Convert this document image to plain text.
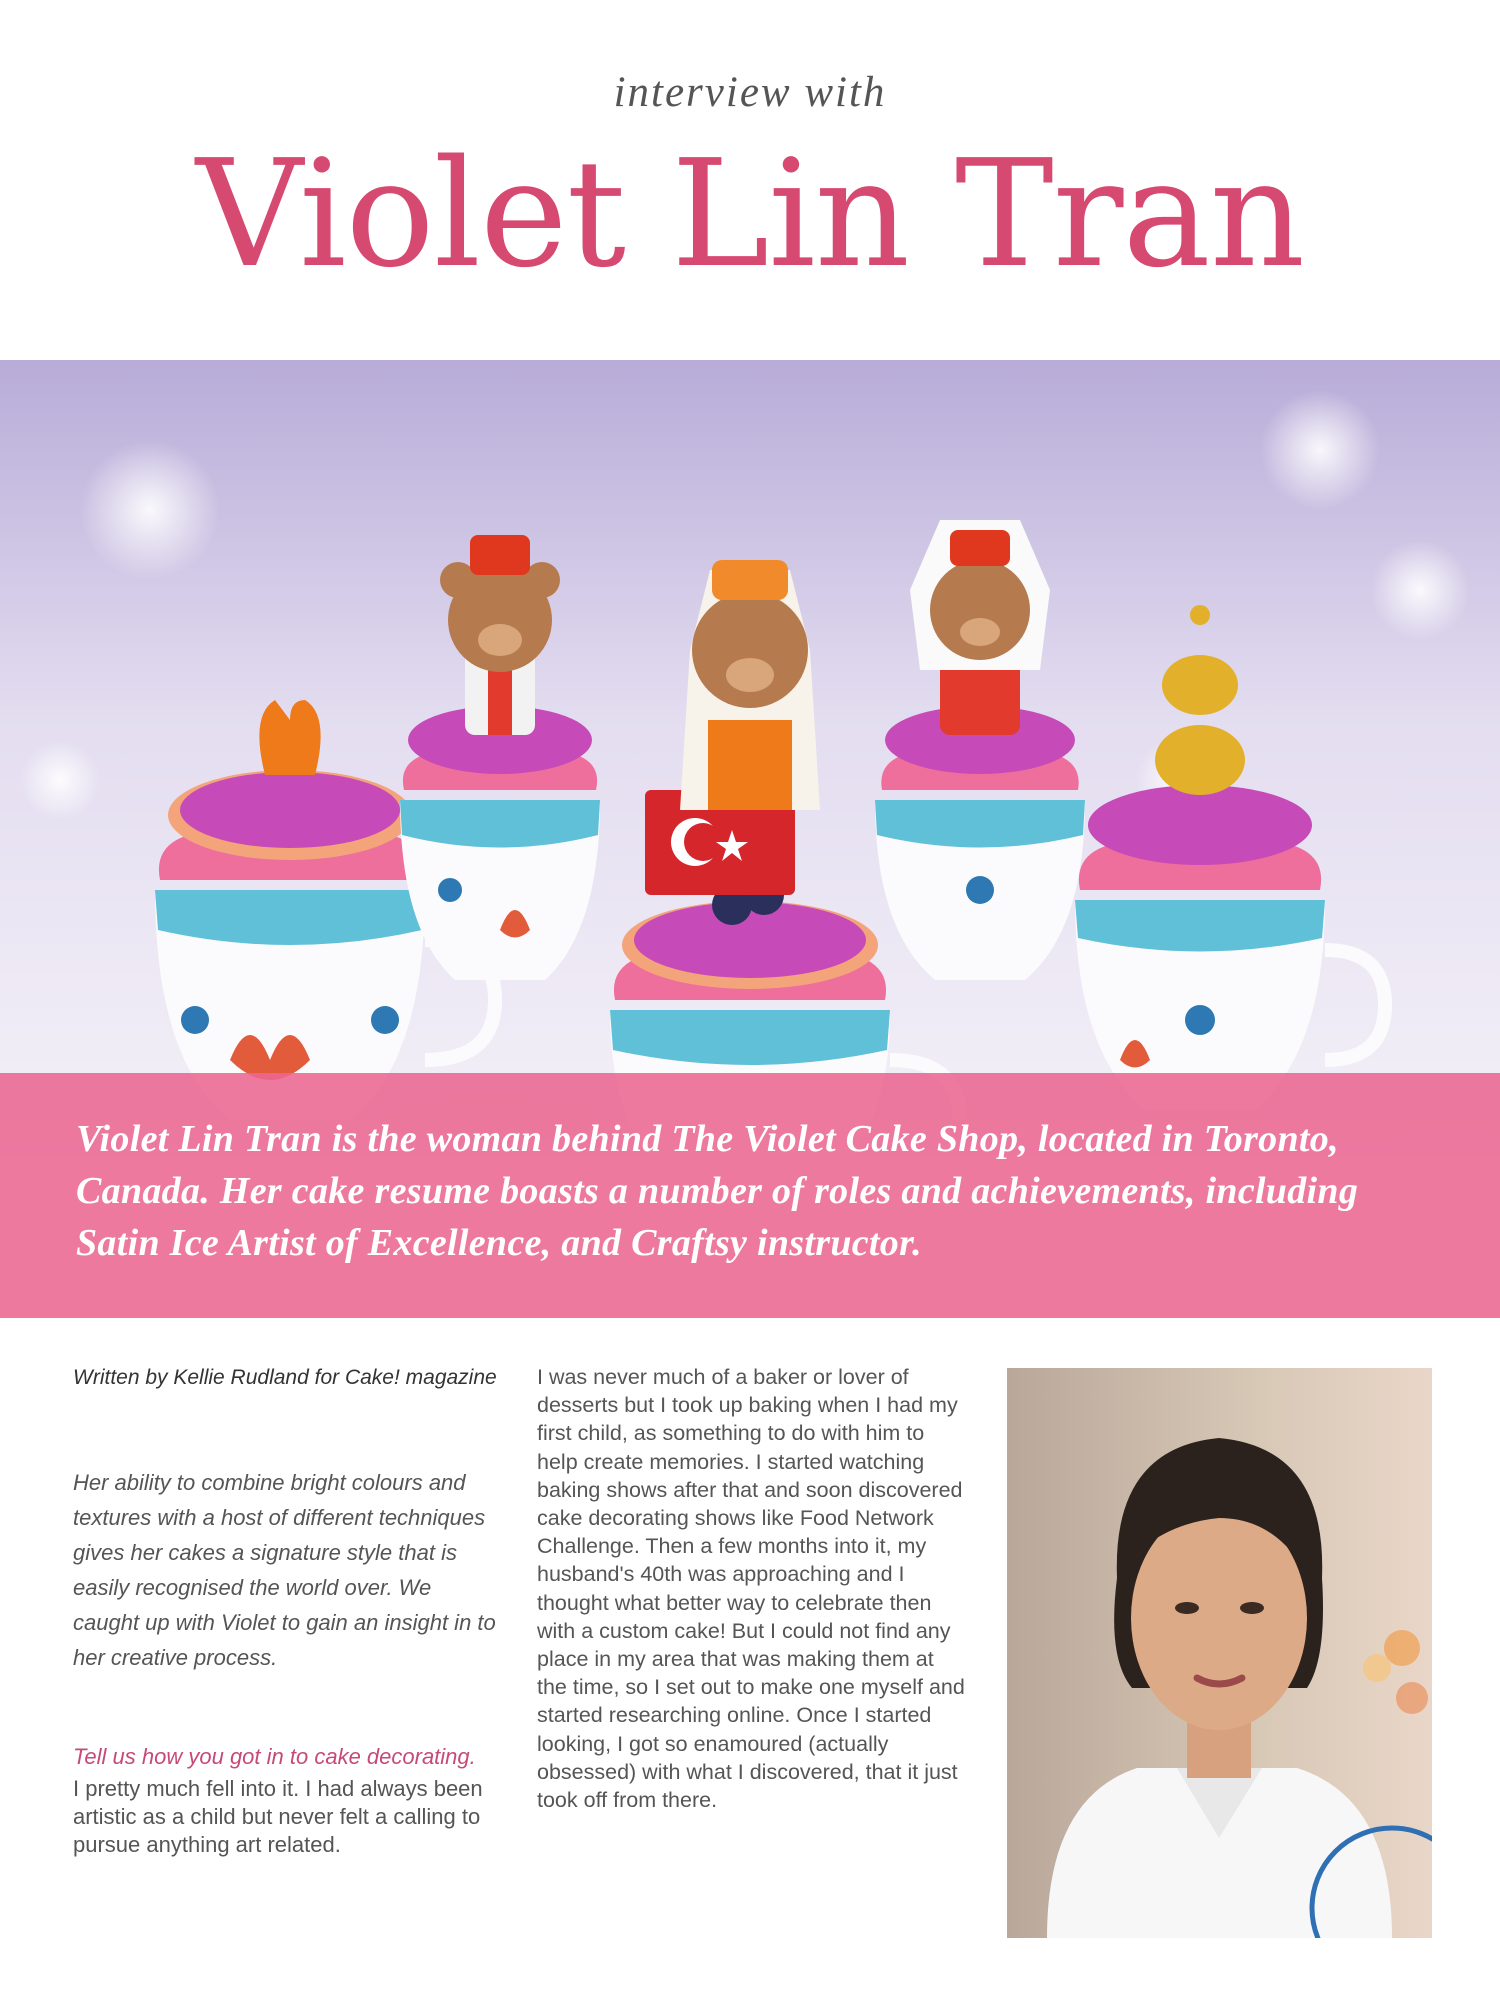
interview with
Violet Lin Tran

Violet Lin Tran is the woman behind The Violet Cake Shop, located in Toronto, Canada. Her cake resume boasts a number of roles and achievements, including Satin Ice Artist of Excellence, and Craftsy instructor.

Written by Kellie Rudland for Cake! magazine

Her ability to combine bright colours and textures with a host of different techniques gives her cakes a signature style that is easily recognised the world over. We caught up with Violet to gain an insight in to her creative process.

Tell us how you got in to cake decorating.

I pretty much fell into it. I had always been artistic as a child but never felt a calling to pursue anything art related.

I was never much of a baker or lover of desserts but I took up baking when I had my first child, as something to do with him to help create memories. I started watching baking shows after that and soon discovered cake decorating shows like Food Network Challenge. Then a few months into it, my husband's 40th was approaching and I thought what better way to celebrate then with a custom cake! But I could not find any place in my area that was making them at the time, so I set out to make one myself and started researching online. Once I started looking, I got so enamoured (actually obsessed) with what I discovered, that it just took off from there.
